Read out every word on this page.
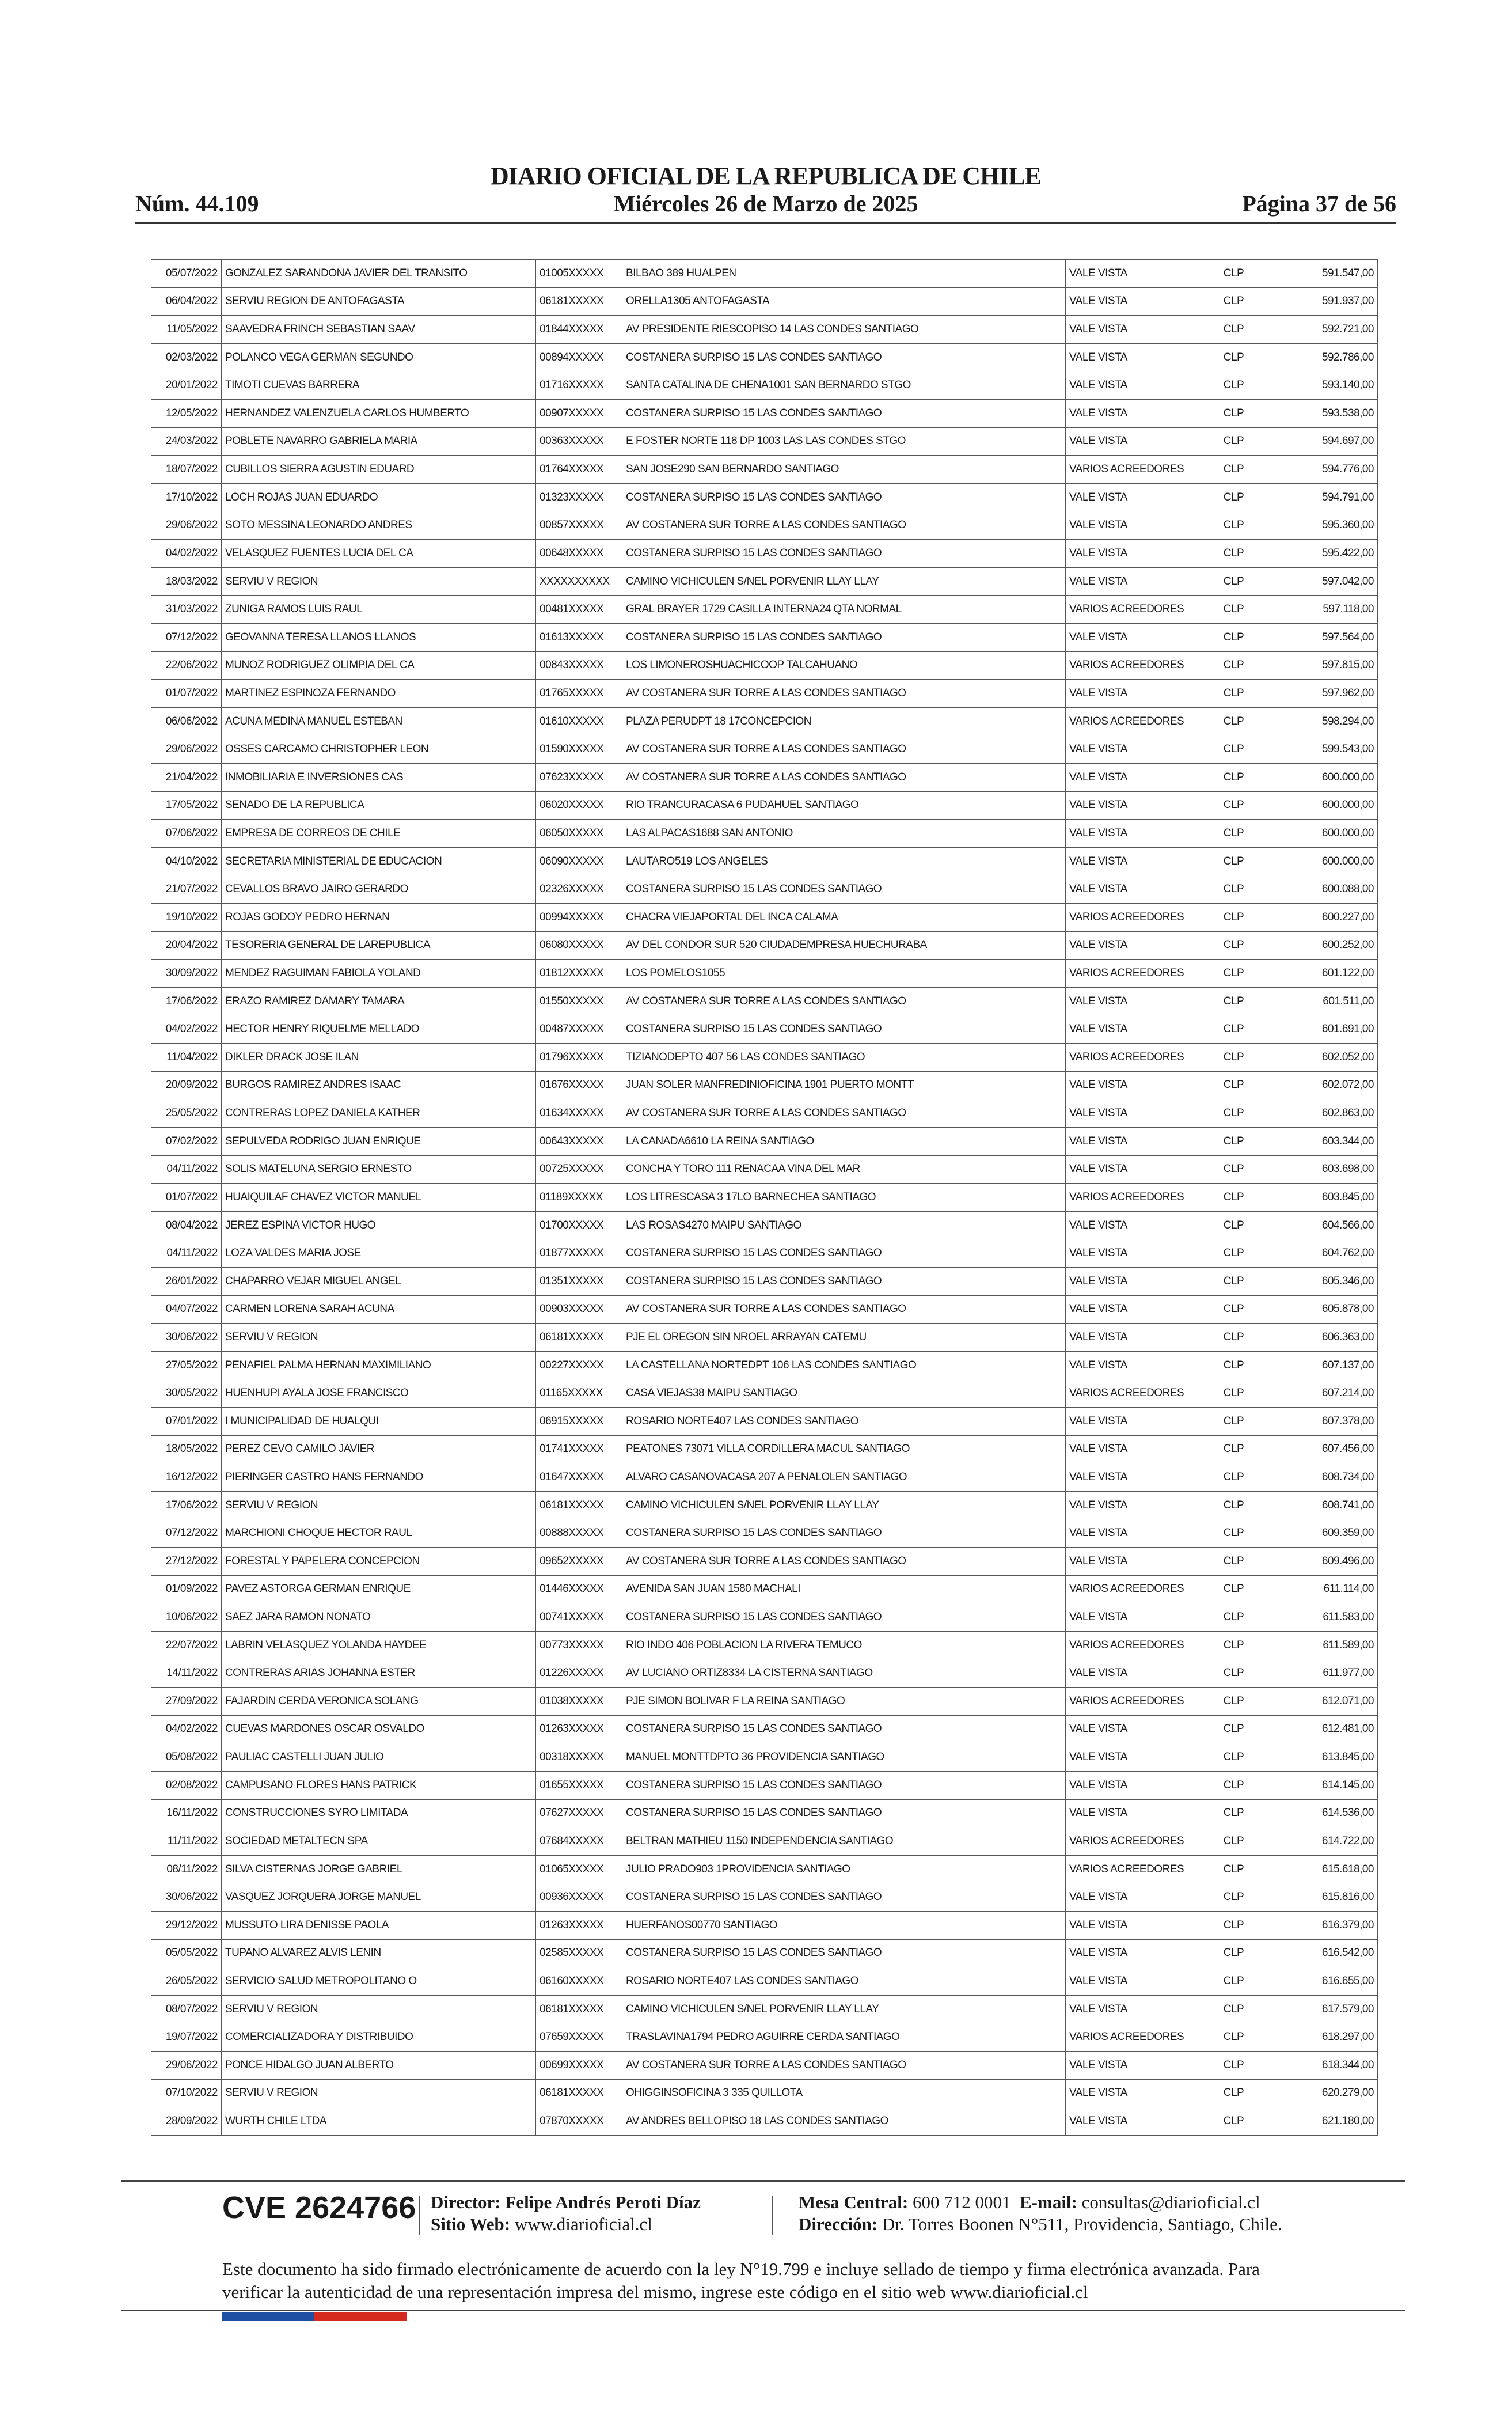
Núm. 44.109
DIARIO OFICIAL DE LA REPUBLICA DE CHILE
Miércoles 26 de Marzo de 2025	Página 37 de 56
05/07/2022	GONZALEZ SARANDONA JAVIER DEL TRANSITO	01005XXXXX	BILBAO 389 HUALPEN	VALE VISTA	CLP	591.547,00
06/04/2022	SERVIU REGION DE ANTOFAGASTA	06181XXXXX	ORELLA1305 ANTOFAGASTA	VALE VISTA	CLP	591.937,00
11/05/2022	SAAVEDRA FRINCH SEBASTIAN SAAV	01844XXXXX	AV PRESIDENTE RIESCOPISO 14 LAS CONDES SANTIAGO	VALE VISTA	CLP	592.721,00
02/03/2022	POLANCO VEGA GERMAN SEGUNDO	00894XXXXX	COSTANERA SURPISO 15 LAS CONDES SANTIAGO	VALE VISTA	CLP	592.786,00
20/01/2022	TIMOTI CUEVAS BARRERA	01716XXXXX	SANTA CATALINA DE CHENA1001 SAN BERNARDO STGO	VALE VISTA	CLP	593.140,00
12/05/2022	HERNANDEZ VALENZUELA CARLOS HUMBERTO	00907XXXXX	COSTANERA SURPISO 15 LAS CONDES SANTIAGO	VALE VISTA	CLP	593.538,00
24/03/2022	POBLETE NAVARRO GABRIELA MARIA	00363XXXXX	E FOSTER NORTE 118 DP 1003 LAS LAS CONDES STGO	VALE VISTA	CLP	594.697,00
18/07/2022	CUBILLOS SIERRA AGUSTIN EDUARD	01764XXXXX	SAN JOSE290 SAN BERNARDO SANTIAGO	VARIOS ACREEDORES	CLP	594.776,00
17/10/2022	LOCH ROJAS JUAN EDUARDO	01323XXXXX	COSTANERA SURPISO 15 LAS CONDES SANTIAGO	VALE VISTA	CLP	594.791,00
29/06/2022	SOTO MESSINA LEONARDO ANDRES	00857XXXXX	AV COSTANERA SUR TORRE A LAS CONDES SANTIAGO	VALE VISTA	CLP	595.360,00
04/02/2022	VELASQUEZ FUENTES LUCIA DEL CA	00648XXXXX	COSTANERA SURPISO 15 LAS CONDES SANTIAGO	VALE VISTA	CLP	595.422,00
18/03/2022	SERVIU V REGION	XXXXXXXXXX	CAMINO VICHICULEN S/NEL PORVENIR LLAY LLAY	VALE VISTA	CLP	597.042,00
31/03/2022	ZUNIGA RAMOS LUIS RAUL	00481XXXXX	GRAL BRAYER 1729 CASILLA INTERNA24 QTA NORMAL	VARIOS ACREEDORES	CLP	597.118,00
07/12/2022	GEOVANNA TERESA LLANOS LLANOS	01613XXXXX	COSTANERA SURPISO 15 LAS CONDES SANTIAGO	VALE VISTA	CLP	597.564,00
22/06/2022	MUNOZ RODRIGUEZ OLIMPIA DEL CA	00843XXXXX	LOS LIMONEROSHUACHICOOP TALCAHUANO	VARIOS ACREEDORES	CLP	597.815,00
01/07/2022	MARTINEZ ESPINOZA FERNANDO	01765XXXXX	AV COSTANERA SUR TORRE A LAS CONDES SANTIAGO	VALE VISTA	CLP	597.962,00
06/06/2022	ACUNA MEDINA MANUEL ESTEBAN	01610XXXXX	PLAZA PERUDPT 18 17CONCEPCION	VARIOS ACREEDORES	CLP	598.294,00
29/06/2022	OSSES CARCAMO CHRISTOPHER LEON	01590XXXXX	AV COSTANERA SUR TORRE A LAS CONDES SANTIAGO	VALE VISTA	CLP	599.543,00
21/04/2022	INMOBILIARIA E INVERSIONES CAS	07623XXXXX	AV COSTANERA SUR TORRE A LAS CONDES SANTIAGO	VALE VISTA	CLP	600.000,00
17/05/2022	SENADO DE LA REPUBLICA	06020XXXXX	RIO TRANCURACASA 6 PUDAHUEL SANTIAGO	VALE VISTA	CLP	600.000,00
07/06/2022	EMPRESA DE CORREOS DE CHILE	06050XXXXX	LAS ALPACAS1688 SAN ANTONIO	VALE VISTA	CLP	600.000,00
04/10/2022	SECRETARIA MINISTERIAL DE EDUCACION	06090XXXXX	LAUTARO519 LOS ANGELES	VALE VISTA	CLP	600.000,00
21/07/2022	CEVALLOS BRAVO JAIRO GERARDO	02326XXXXX	COSTANERA SURPISO 15 LAS CONDES SANTIAGO	VALE VISTA	CLP	600.088,00
19/10/2022	ROJAS GODOY PEDRO HERNAN	00994XXXXX	CHACRA VIEJAPORTAL DEL INCA CALAMA	VARIOS ACREEDORES	CLP	600.227,00
20/04/2022	TESORERIA GENERAL DE LAREPUBLICA	06080XXXXX	AV DEL CONDOR SUR 520 CIUDADEMPRESA HUECHURABA	VALE VISTA	CLP	600.252,00
30/09/2022	MENDEZ RAGUIMAN FABIOLA YOLAND	01812XXXXX	LOS POMELOS1055	VARIOS ACREEDORES	CLP	601.122,00
17/06/2022	ERAZO RAMIREZ DAMARY TAMARA	01550XXXXX	AV COSTANERA SUR TORRE A LAS CONDES SANTIAGO	VALE VISTA	CLP	601.511,00
04/02/2022	HECTOR HENRY RIQUELME MELLADO	00487XXXXX	COSTANERA SURPISO 15 LAS CONDES SANTIAGO	VALE VISTA	CLP	601.691,00
11/04/2022	DIKLER DRACK JOSE ILAN	01796XXXXX	TIZIANODEPTO 407 56 LAS CONDES SANTIAGO	VARIOS ACREEDORES	CLP	602.052,00
20/09/2022	BURGOS RAMIREZ ANDRES ISAAC	01676XXXXX	JUAN SOLER MANFREDINIOFICINA 1901 PUERTO MONTT	VALE VISTA	CLP	602.072,00
25/05/2022	CONTRERAS LOPEZ DANIELA KATHER	01634XXXXX	AV COSTANERA SUR TORRE A LAS CONDES SANTIAGO	VALE VISTA	CLP	602.863,00
07/02/2022	SEPULVEDA RODRIGO JUAN ENRIQUE	00643XXXXX	LA CANADA6610 LA REINA SANTIAGO	VALE VISTA	CLP	603.344,00
04/11/2022	SOLIS MATELUNA SERGIO ERNESTO	00725XXXXX	CONCHA Y TORO 111 RENACAA VINA DEL MAR	VALE VISTA	CLP	603.698,00
01/07/2022	HUAIQUILAF CHAVEZ VICTOR MANUEL	01189XXXXX	LOS LITRESCASA 3 17LO BARNECHEA SANTIAGO	VARIOS ACREEDORES	CLP	603.845,00
08/04/2022	JEREZ ESPINA VICTOR HUGO	01700XXXXX	LAS ROSAS4270 MAIPU SANTIAGO	VALE VISTA	CLP	604.566,00
04/11/2022	LOZA VALDES MARIA JOSE	01877XXXXX	COSTANERA SURPISO 15 LAS CONDES SANTIAGO	VALE VISTA	CLP	604.762,00
26/01/2022	CHAPARRO VEJAR MIGUEL ANGEL	01351XXXXX	COSTANERA SURPISO 15 LAS CONDES SANTIAGO	VALE VISTA	CLP	605.346,00
04/07/2022	CARMEN LORENA SARAH ACUNA	00903XXXXX	AV COSTANERA SUR TORRE A LAS CONDES SANTIAGO	VALE VISTA	CLP	605.878,00
30/06/2022	SERVIU V REGION	06181XXXXX	PJE EL OREGON SIN NROEL ARRAYAN CATEMU	VALE VISTA	CLP	606.363,00
27/05/2022	PENAFIEL PALMA HERNAN MAXIMILIANO	00227XXXXX	LA CASTELLANA NORTEDPT 106 LAS CONDES SANTIAGO	VALE VISTA	CLP	607.137,00
30/05/2022	HUENHUPI AYALA JOSE FRANCISCO	01165XXXXX	CASA VIEJAS38 MAIPU SANTIAGO	VARIOS ACREEDORES	CLP	607.214,00
07/01/2022	I MUNICIPALIDAD DE HUALQUI	06915XXXXX	ROSARIO NORTE407 LAS CONDES SANTIAGO	VALE VISTA	CLP	607.378,00
18/05/2022	PEREZ CEVO CAMILO JAVIER	01741XXXXX	PEATONES 73071 VILLA CORDILLERA MACUL SANTIAGO	VALE VISTA	CLP	607.456,00
16/12/2022	PIERINGER CASTRO HANS FERNANDO	01647XXXXX	ALVARO CASANOVACASA 207 A PENALOLEN SANTIAGO	VALE VISTA	CLP	608.734,00
17/06/2022	SERVIU V REGION	06181XXXXX	CAMINO VICHICULEN S/NEL PORVENIR LLAY LLAY	VALE VISTA	CLP	608.741,00
07/12/2022	MARCHIONI CHOQUE HECTOR RAUL	00888XXXXX	COSTANERA SURPISO 15 LAS CONDES SANTIAGO	VALE VISTA	CLP	609.359,00
27/12/2022	FORESTAL Y PAPELERA CONCEPCION	09652XXXXX	AV COSTANERA SUR TORRE A LAS CONDES SANTIAGO	VALE VISTA	CLP	609.496,00
01/09/2022	PAVEZ ASTORGA GERMAN ENRIQUE	01446XXXXX	AVENIDA SAN JUAN 1580 MACHALI	VARIOS ACREEDORES	CLP	611.114,00
10/06/2022	SAEZ JARA RAMON NONATO	00741XXXXX	COSTANERA SURPISO 15 LAS CONDES SANTIAGO	VALE VISTA	CLP	611.583,00
22/07/2022	LABRIN VELASQUEZ YOLANDA HAYDEE	00773XXXXX	RIO INDO 406 POBLACION LA RIVERA TEMUCO	VARIOS ACREEDORES	CLP	611.589,00
14/11/2022	CONTRERAS ARIAS JOHANNA ESTER	01226XXXXX	AV LUCIANO ORTIZ8334 LA CISTERNA SANTIAGO	VALE VISTA	CLP	611.977,00
27/09/2022	FAJARDIN CERDA VERONICA SOLANG	01038XXXXX	PJE SIMON BOLIVAR F LA REINA SANTIAGO	VARIOS ACREEDORES	CLP	612.071,00
04/02/2022	CUEVAS MARDONES OSCAR OSVALDO	01263XXXXX	COSTANERA SURPISO 15 LAS CONDES SANTIAGO	VALE VISTA	CLP	612.481,00
05/08/2022	PAULIAC CASTELLI JUAN JULIO	00318XXXXX	MANUEL MONTTDPTO 36 PROVIDENCIA SANTIAGO	VALE VISTA	CLP	613.845,00
02/08/2022	CAMPUSANO FLORES HANS PATRICK	01655XXXXX	COSTANERA SURPISO 15 LAS CONDES SANTIAGO	VALE VISTA	CLP	614.145,00
16/11/2022	CONSTRUCCIONES SYRO LIMITADA	07627XXXXX	COSTANERA SURPISO 15 LAS CONDES SANTIAGO	VALE VISTA	CLP	614.536,00
11/11/2022	SOCIEDAD METALTECN SPA	07684XXXXX	BELTRAN MATHIEU 1150 INDEPENDENCIA SANTIAGO	VARIOS ACREEDORES	CLP	614.722,00
08/11/2022	SILVA CISTERNAS JORGE GABRIEL	01065XXXXX	JULIO PRADO903 1PROVIDENCIA SANTIAGO	VARIOS ACREEDORES	CLP	615.618,00
30/06/2022	VASQUEZ JORQUERA JORGE MANUEL	00936XXXXX	COSTANERA SURPISO 15 LAS CONDES SANTIAGO	VALE VISTA	CLP	615.816,00
29/12/2022	MUSSUTO LIRA DENISSE PAOLA	01263XXXXX	HUERFANOS00770 SANTIAGO	VALE VISTA	CLP	616.379,00
05/05/2022	TUPANO ALVAREZ ALVIS LENIN	02585XXXXX	COSTANERA SURPISO 15 LAS CONDES SANTIAGO	VALE VISTA	CLP	616.542,00
26/05/2022	SERVICIO SALUD METROPOLITANO O	06160XXXXX	ROSARIO NORTE407 LAS CONDES SANTIAGO	VALE VISTA	CLP	616.655,00
08/07/2022	SERVIU V REGION	06181XXXXX	CAMINO VICHICULEN S/NEL PORVENIR LLAY LLAY	VALE VISTA	CLP	617.579,00
19/07/2022	COMERCIALIZADORA Y DISTRIBUIDO	07659XXXXX	TRASLAVINA1794 PEDRO AGUIRRE CERDA SANTIAGO	VARIOS ACREEDORES	CLP	618.297,00
29/06/2022	PONCE HIDALGO JUAN ALBERTO	00699XXXXX	AV COSTANERA SUR TORRE A LAS CONDES SANTIAGO	VALE VISTA	CLP	618.344,00
07/10/2022	SERVIU V REGION	06181XXXXX	OHIGGINSOFICINA 3 335 QUILLOTA	VALE VISTA	CLP	620.279,00
28/09/2022	WURTH CHILE LTDA	07870XXXXX	AV ANDRES BELLOPISO 18 LAS CONDES SANTIAGO	VALE VISTA	CLP	621.180,00
CVE 2624766 Director: Felipe Andrés Peroti Díaz
Sitio Web: www.diarioficial.cl
Mesa Central: 600 712 0001 E-mail: consultas@diarioficial.cl
Dirección: Dr. Torres Boonen N°511, Providencia, Santiago, Chile.
Este documento ha sido firmado electrónicamente de acuerdo con la ley N°19.799 e incluye sellado de tiempo y firma electrónica avanzada. Para verificar la autenticidad de una representación impresa del mismo, ingrese este código en el sitio web www.diarioficial.cl
